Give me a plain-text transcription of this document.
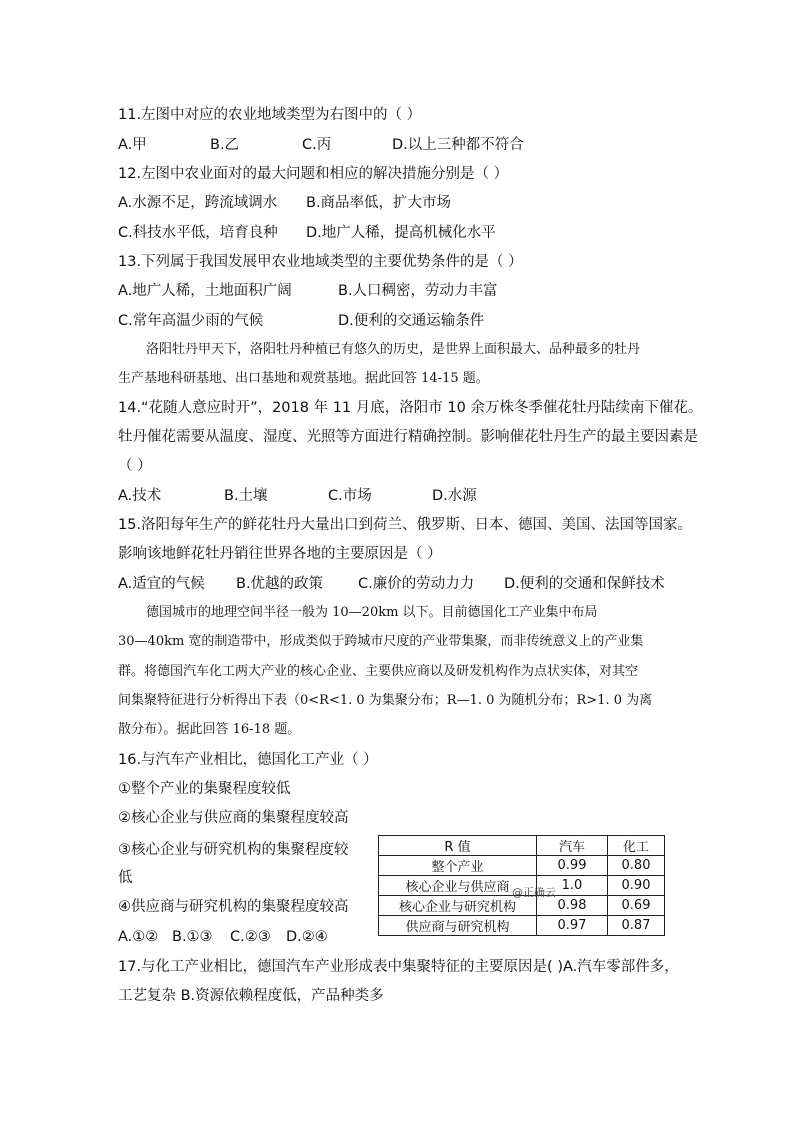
11.左图中对应的农业地域类型为右图中的（ ）
A.甲	B.乙	C.丙	D.以上三种都不符合
12.左图中农业面对的最大问题和相应的解决措施分别是（ ）
A.水源不足，跨流域调水 B.商品率低，扩大市场
C.科技水平低，培育良种 D.地广人稀，提高机械化水平
13.下列属于我国发展甲农业地域类型的主要优势条件的是（ ）
A.地广人稀，土地面积广阔	B.人口稠密，劳动力丰富
C.常年高温少雨的气候	D.便利的交通运输条件
洛阳牡丹甲天下，洛阳牡丹种植已有悠久的历史，是世界上面积最大、品种最多的牡丹
生产基地科研基地、出口基地和观赏基地。据此回答 14-15 题。
14.“花随人意应时开”，2018 年 11 月底，洛阳市 10 余万株冬季催花牡丹陆续南下催花。
牡丹催花需要从温度、湿度、光照等方面进行精确控制。影响催花牡丹生产的最主要因素是
（ ）
A.技术	B.土壤	C.市场	D.水源
15.洛阳每年生产的鲜花牡丹大量出口到荷兰、俄罗斯、日本、德国、美国、法国等国家。
影响该地鲜花牡丹销往世界各地的主要原因是（ ）
A.适宜的气候 B.优越的政策 C.廉价的劳动力力 D.便利的交通和保鲜技术
德国城市的地理空间半径一般为 10—20km 以下。目前德国化工产业集中布局
30—40km 宽的制造带中，形成类似于跨城市尺度的产业带集聚，而非传统意义上的产业集
群。将德国汽车化工两大产业的核心企业、主要供应商以及研发机构作为点状实体，对其空
间集聚特征进行分析得出下表（0<R<1. 0 为集聚分布；R—1. 0 为随机分布；R>1. 0 为离
散分布）。据此回答 16-18 题。
16.与汽车产业相比，德国化工产业（ ）
①整个产业的集聚程度较低
②核心企业与供应商的集聚程度较高
③核心企业与研究机构的集聚程度较
低
④供应商与研究机构的集聚程度较高
A.①② B.①③ C.②③ D.②④
R 值	汽车	化工
整个产业	0.99	0.80
核心企业与供应商	1.0	0.90
核心企业与研究机构	0.98	0.69
供应商与研究机构	0.97	0.87
@正确云
17.与化工产业相比，德国汽车产业形成表中集聚特征的主要原因是( )A.汽车零部件多，
工艺复杂 B.资源依赖程度低，产品种类多
